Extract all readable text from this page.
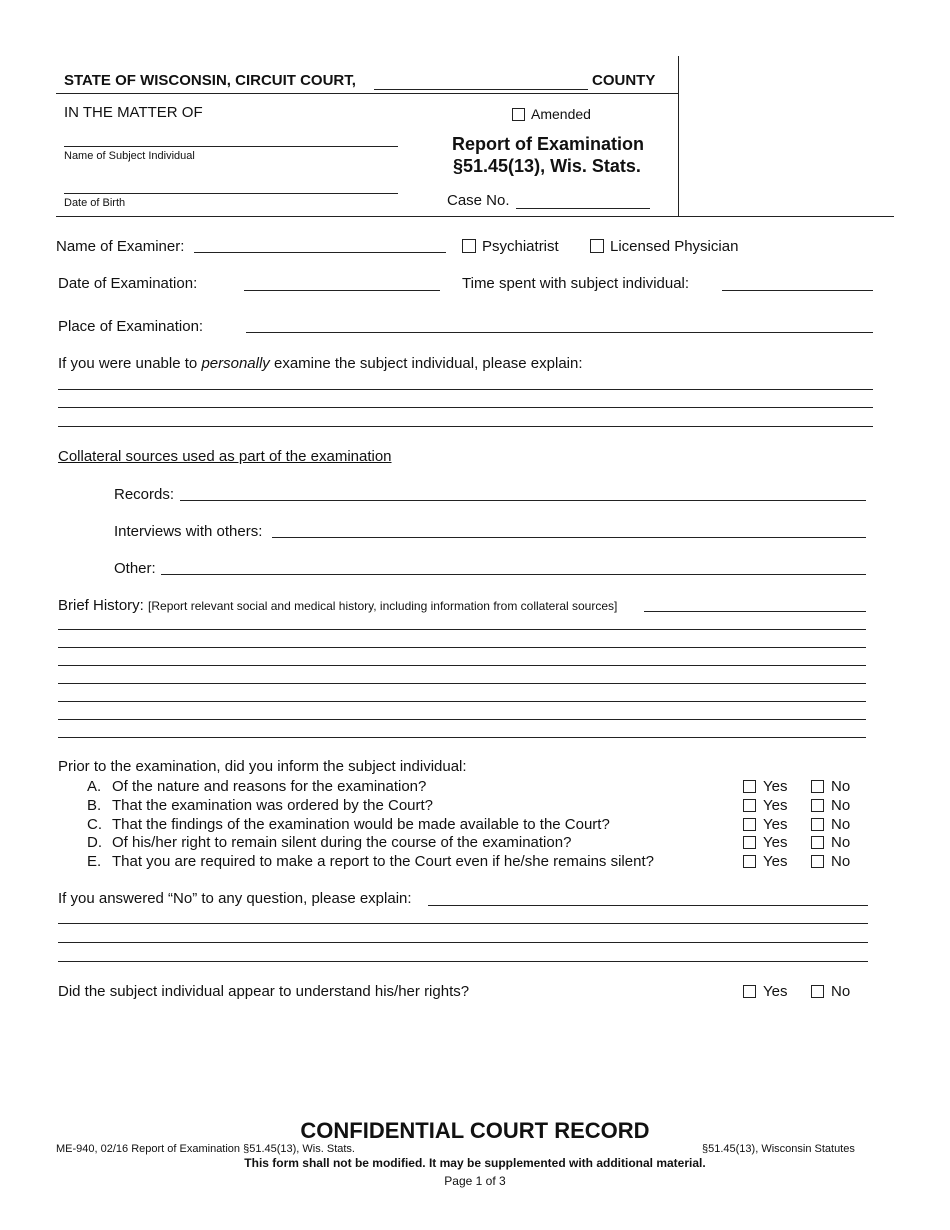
STATE OF WISCONSIN, CIRCUIT COURT,	COUNTY
IN THE MATTER OF
Name of Subject Individual
Date of Birth
Amended
Report of Examination
§51.45(13), Wis. Stats.
Case No.
Name of Examiner:	Psychiatrist	Licensed Physician
Date of Examination:	Time spent with subject individual:
Place of Examination:
If you were unable to personally examine the subject individual, please explain:
Collateral sources used as part of the examination
Records:
Interviews with others:
Other:
Brief History: [Report relevant social and medical history, including information from collateral sources]
Prior to the examination, did you inform the subject individual:
A. Of the nature and reasons for the examination?	Yes	No
B. That the examination was ordered by the Court?	Yes	No
C. That the findings of the examination would be made available to the Court?	Yes	No
D. Of his/her right to remain silent during the course of the examination?	Yes	No
E. That you are required to make a report to the Court even if he/she remains silent?	Yes	No
If you answered “No” to any question, please explain:
Did the subject individual appear to understand his/her rights?	Yes	No
CONFIDENTIAL COURT RECORD
ME-940, 02/16 Report of Examination §51.45(13), Wis. Stats.	§51.45(13), Wisconsin Statutes
This form shall not be modified. It may be supplemented with additional material.
Page 1 of 3
